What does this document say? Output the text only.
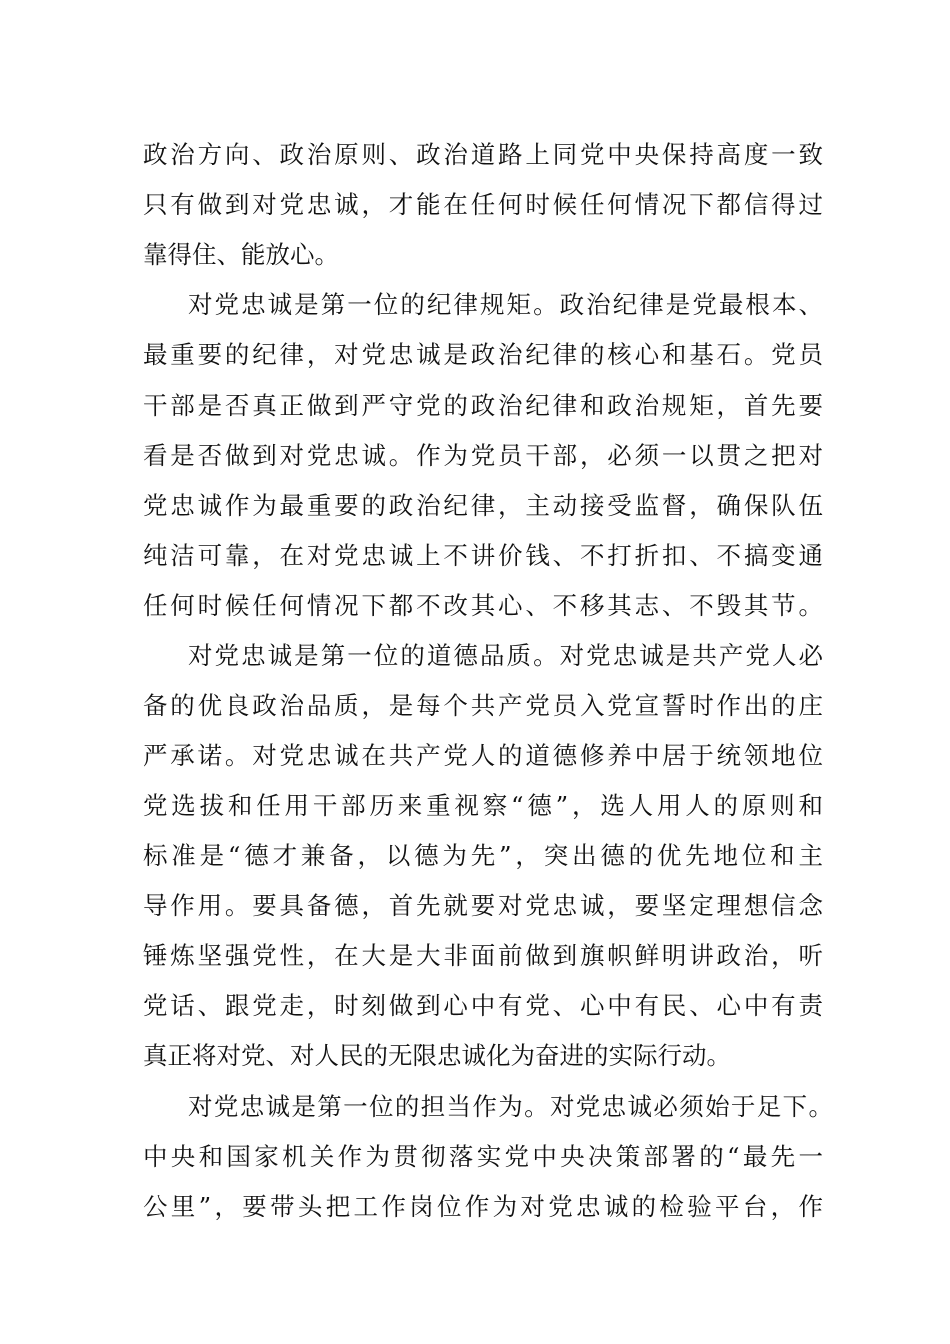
政治方向、政治原则、政治道路上同党中央保持高度一致
只有做到对党忠诚，才能在任何时候任何情况下都信得过
靠得住、能放心。
对党忠诚是第一位的纪律规矩。政治纪律是党最根本、
最重要的纪律，对党忠诚是政治纪律的核心和基石。党员
干部是否真正做到严守党的政治纪律和政治规矩，首先要
看是否做到对党忠诚。作为党员干部，必须一以贯之把对
党忠诚作为最重要的政治纪律，主动接受监督，确保队伍
纯洁可靠，在对党忠诚上不讲价钱、不打折扣、不搞变通
任何时候任何情况下都不改其心、不移其志、不毁其节。
对党忠诚是第一位的道德品质。对党忠诚是共产党人必
备的优良政治品质，是每个共产党员入党宣誓时作出的庄
严承诺。对党忠诚在共产党人的道德修养中居于统领地位
党选拔和任用干部历来重视察“德”，选人用人的原则和
标准是“德才兼备，以德为先”，突出德的优先地位和主
导作用。要具备德，首先就要对党忠诚，要坚定理想信念
锤炼坚强党性，在大是大非面前做到旗帜鲜明讲政治，听
党话、跟党走，时刻做到心中有党、心中有民、心中有责
真正将对党、对人民的无限忠诚化为奋进的实际行动。
对党忠诚是第一位的担当作为。对党忠诚必须始于足下。
中央和国家机关作为贯彻落实党中央决策部署的“最先一
公里”，要带头把工作岗位作为对党忠诚的检验平台，作
